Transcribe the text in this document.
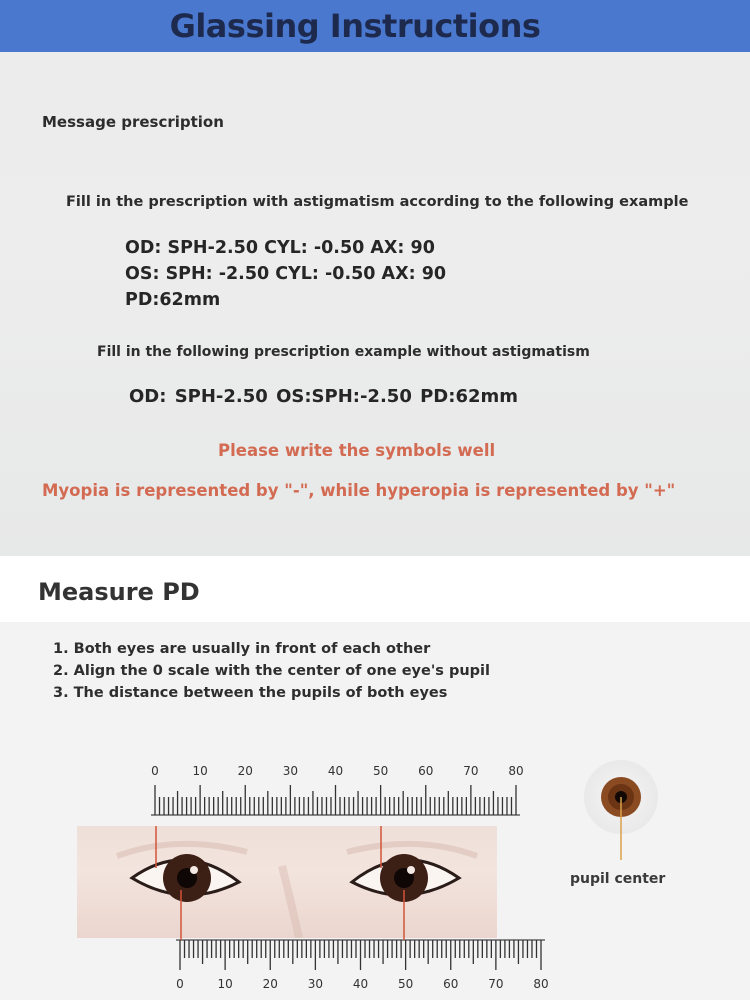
Glassing Instructions
Message prescription
Fill in the prescription with astigmatism according to the following example
OD: SPH-2.50 CYL: -0.50 AX: 90
OS: SPH: -2.50 CYL: -0.50 AX: 90
PD:62mm
Fill in the following prescription example without astigmatism
OD: SPH-2.50 OS:SPH:-2.50 PD:62mm
Please write the symbols well
Myopia is represented by "-", while hyperopia is represented by "+"
Measure PD
1. Both eyes are usually in front of each other
2. Align the 0 scale with the center of one eye's pupil
3. The distance between the pupils of both eyes
0	10 20 30 40 50 60 70 80
0	10 20 30 40 50 60 70 80
pupil center
